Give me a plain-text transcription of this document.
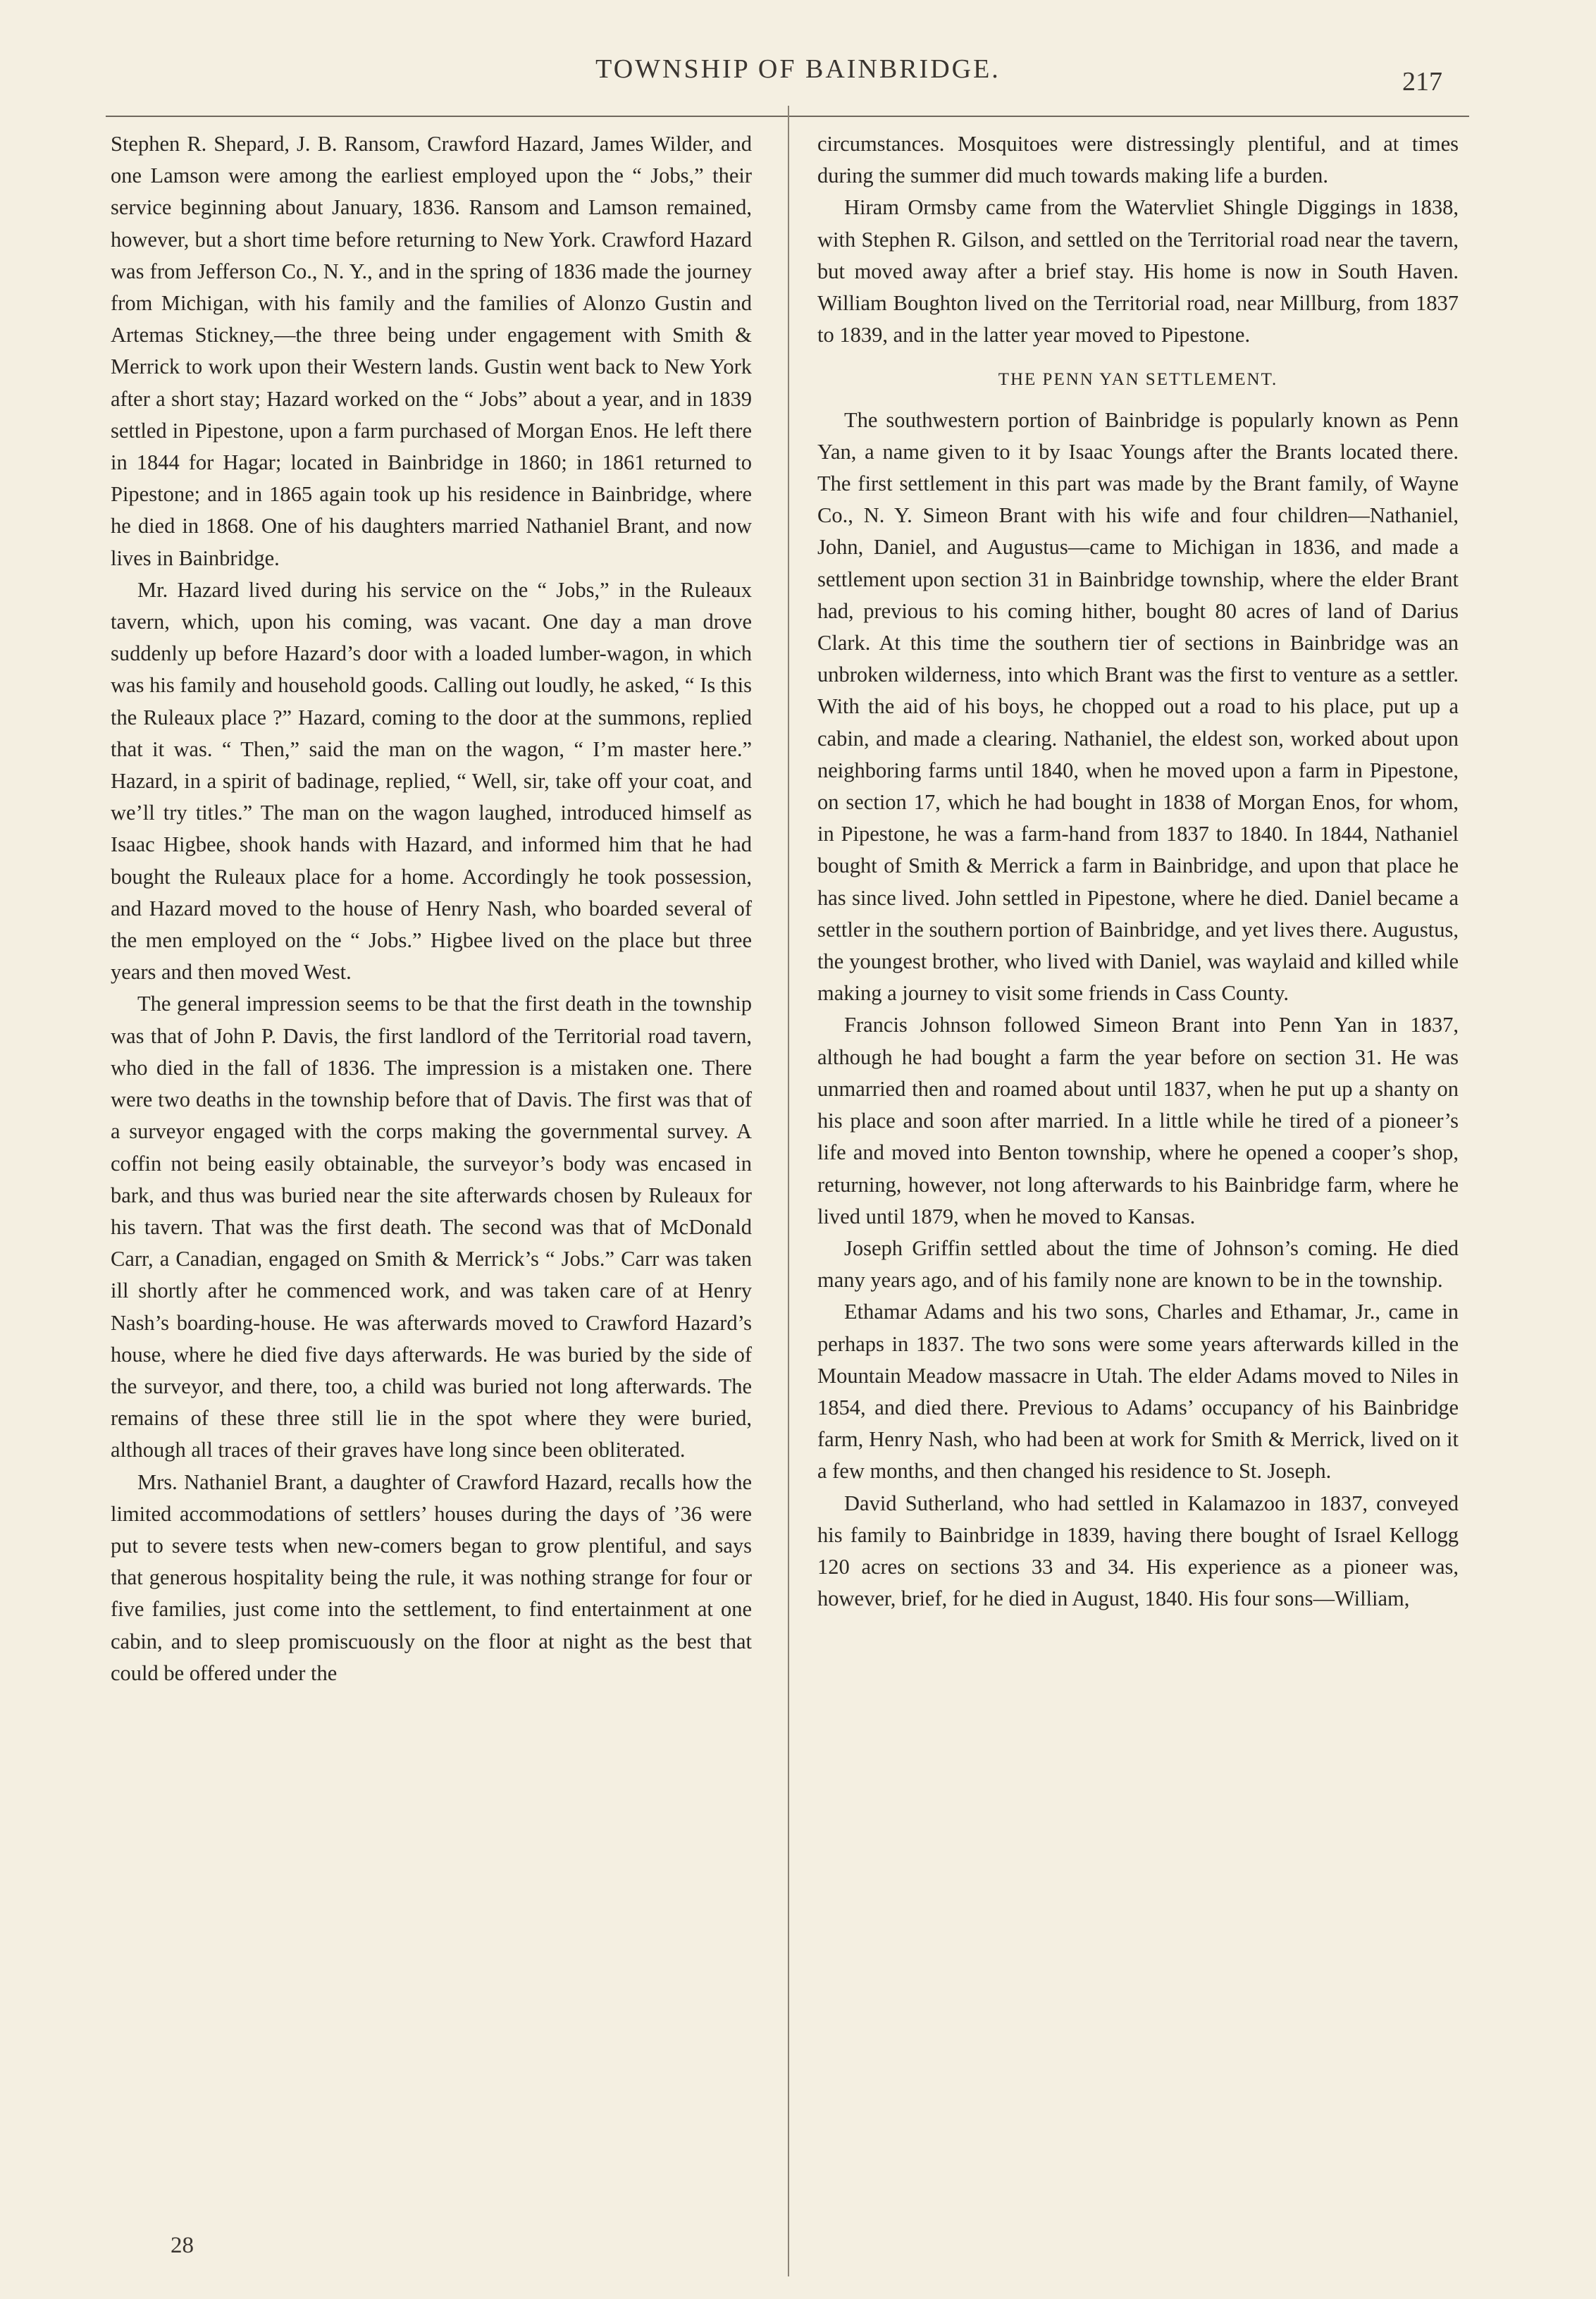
TOWNSHIP OF BAINBRIDGE.	217

Stephen R. Shepard, J. B. Ransom, Crawford Hazard, James Wilder, and one Lamson were among the earliest employed upon the “ Jobs,” their service beginning about January, 1836. Ransom and Lamson remained, however, but a short time before returning to New York. Crawford Hazard was from Jefferson Co., N. Y., and in the spring of 1836 made the journey from Michigan, with his family and the families of Alonzo Gustin and Artemas Stickney,—the three being under engagement with Smith & Merrick to work upon their Western lands. Gustin went back to New York after a short stay; Hazard worked on the “ Jobs” about a year, and in 1839 settled in Pipestone, upon a farm purchased of Morgan Enos. He left there in 1844 for Hagar; located in Bainbridge in 1860; in 1861 returned to Pipestone; and in 1865 again took up his residence in Bainbridge, where he died in 1868. One of his daughters married Nathaniel Brant, and now lives in Bainbridge.

Mr. Hazard lived during his service on the “ Jobs,” in the Ruleaux tavern, which, upon his coming, was vacant. One day a man drove suddenly up before Hazard’s door with a loaded lumber-wagon, in which was his family and household goods. Calling out loudly, he asked, “ Is this the Ruleaux place ?” Hazard, coming to the door at the summons, replied that it was. “ Then,” said the man on the wagon, “ I’m master here.” Hazard, in a spirit of badinage, replied, “ Well, sir, take off your coat, and we’ll try titles.” The man on the wagon laughed, introduced himself as Isaac Higbee, shook hands with Hazard, and informed him that he had bought the Ruleaux place for a home. Accordingly he took possession, and Hazard moved to the house of Henry Nash, who boarded several of the men employed on the “ Jobs.” Higbee lived on the place but three years and then moved West.

The general impression seems to be that the first death in the township was that of John P. Davis, the first landlord of the Territorial road tavern, who died in the fall of 1836. The impression is a mistaken one. There were two deaths in the township before that of Davis. The first was that of a surveyor engaged with the corps making the governmental survey. A coffin not being easily obtainable, the surveyor’s body was encased in bark, and thus was buried near the site afterwards chosen by Ruleaux for his tavern. That was the first death. The second was that of McDonald Carr, a Canadian, engaged on Smith & Merrick’s “ Jobs.” Carr was taken ill shortly after he commenced work, and was taken care of at Henry Nash’s boarding-house. He was afterwards moved to Crawford Hazard’s house, where he died five days afterwards. He was buried by the side of the surveyor, and there, too, a child was buried not long afterwards. The remains of these three still lie in the spot where they were buried, although all traces of their graves have long since been obliterated.

Mrs. Nathaniel Brant, a daughter of Crawford Hazard, recalls how the limited accommodations of settlers’ houses during the days of ’36 were put to severe tests when new-comers began to grow plentiful, and says that generous hospitality being the rule, it was nothing strange for four or five families, just come into the settlement, to find entertainment at one cabin, and to sleep promiscuously on the floor at night as the best that could be offered under the

circumstances. Mosquitoes were distressingly plentiful, and at times during the summer did much towards making life a burden.

Hiram Ormsby came from the Watervliet Shingle Diggings in 1838, with Stephen R. Gilson, and settled on the Territorial road near the tavern, but moved away after a brief stay. His home is now in South Haven. William Boughton lived on the Territorial road, near Millburg, from 1837 to 1839, and in the latter year moved to Pipestone.

THE PENN YAN SETTLEMENT.

The southwestern portion of Bainbridge is popularly known as Penn Yan, a name given to it by Isaac Youngs after the Brants located there. The first settlement in this part was made by the Brant family, of Wayne Co., N. Y. Simeon Brant with his wife and four children—Nathaniel, John, Daniel, and Augustus—came to Michigan in 1836, and made a settlement upon section 31 in Bainbridge township, where the elder Brant had, previous to his coming hither, bought 80 acres of land of Darius Clark. At this time the southern tier of sections in Bainbridge was an unbroken wilderness, into which Brant was the first to venture as a settler. With the aid of his boys, he chopped out a road to his place, put up a cabin, and made a clearing. Nathaniel, the eldest son, worked about upon neighboring farms until 1840, when he moved upon a farm in Pipestone, on section 17, which he had bought in 1838 of Morgan Enos, for whom, in Pipestone, he was a farm-hand from 1837 to 1840. In 1844, Nathaniel bought of Smith & Merrick a farm in Bainbridge, and upon that place he has since lived. John settled in Pipestone, where he died. Daniel became a settler in the southern portion of Bainbridge, and yet lives there. Augustus, the youngest brother, who lived with Daniel, was waylaid and killed while making a journey to visit some friends in Cass County.

Francis Johnson followed Simeon Brant into Penn Yan in 1837, although he had bought a farm the year before on section 31. He was unmarried then and roamed about until 1837, when he put up a shanty on his place and soon after married. In a little while he tired of a pioneer’s life and moved into Benton township, where he opened a cooper’s shop, returning, however, not long afterwards to his Bainbridge farm, where he lived until 1879, when he moved to Kansas.

Joseph Griffin settled about the time of Johnson’s coming. He died many years ago, and of his family none are known to be in the township.

Ethamar Adams and his two sons, Charles and Ethamar, Jr., came in perhaps in 1837. The two sons were some years afterwards killed in the Mountain Meadow massacre in Utah. The elder Adams moved to Niles in 1854, and died there. Previous to Adams’ occupancy of his Bainbridge farm, Henry Nash, who had been at work for Smith & Merrick, lived on it a few months, and then changed his residence to St. Joseph.

David Sutherland, who had settled in Kalamazoo in 1837, conveyed his family to Bainbridge in 1839, having there bought of Israel Kellogg 120 acres on sections 33 and 34. His experience as a pioneer was, however, brief, for he died in August, 1840. His four sons—William,

28
